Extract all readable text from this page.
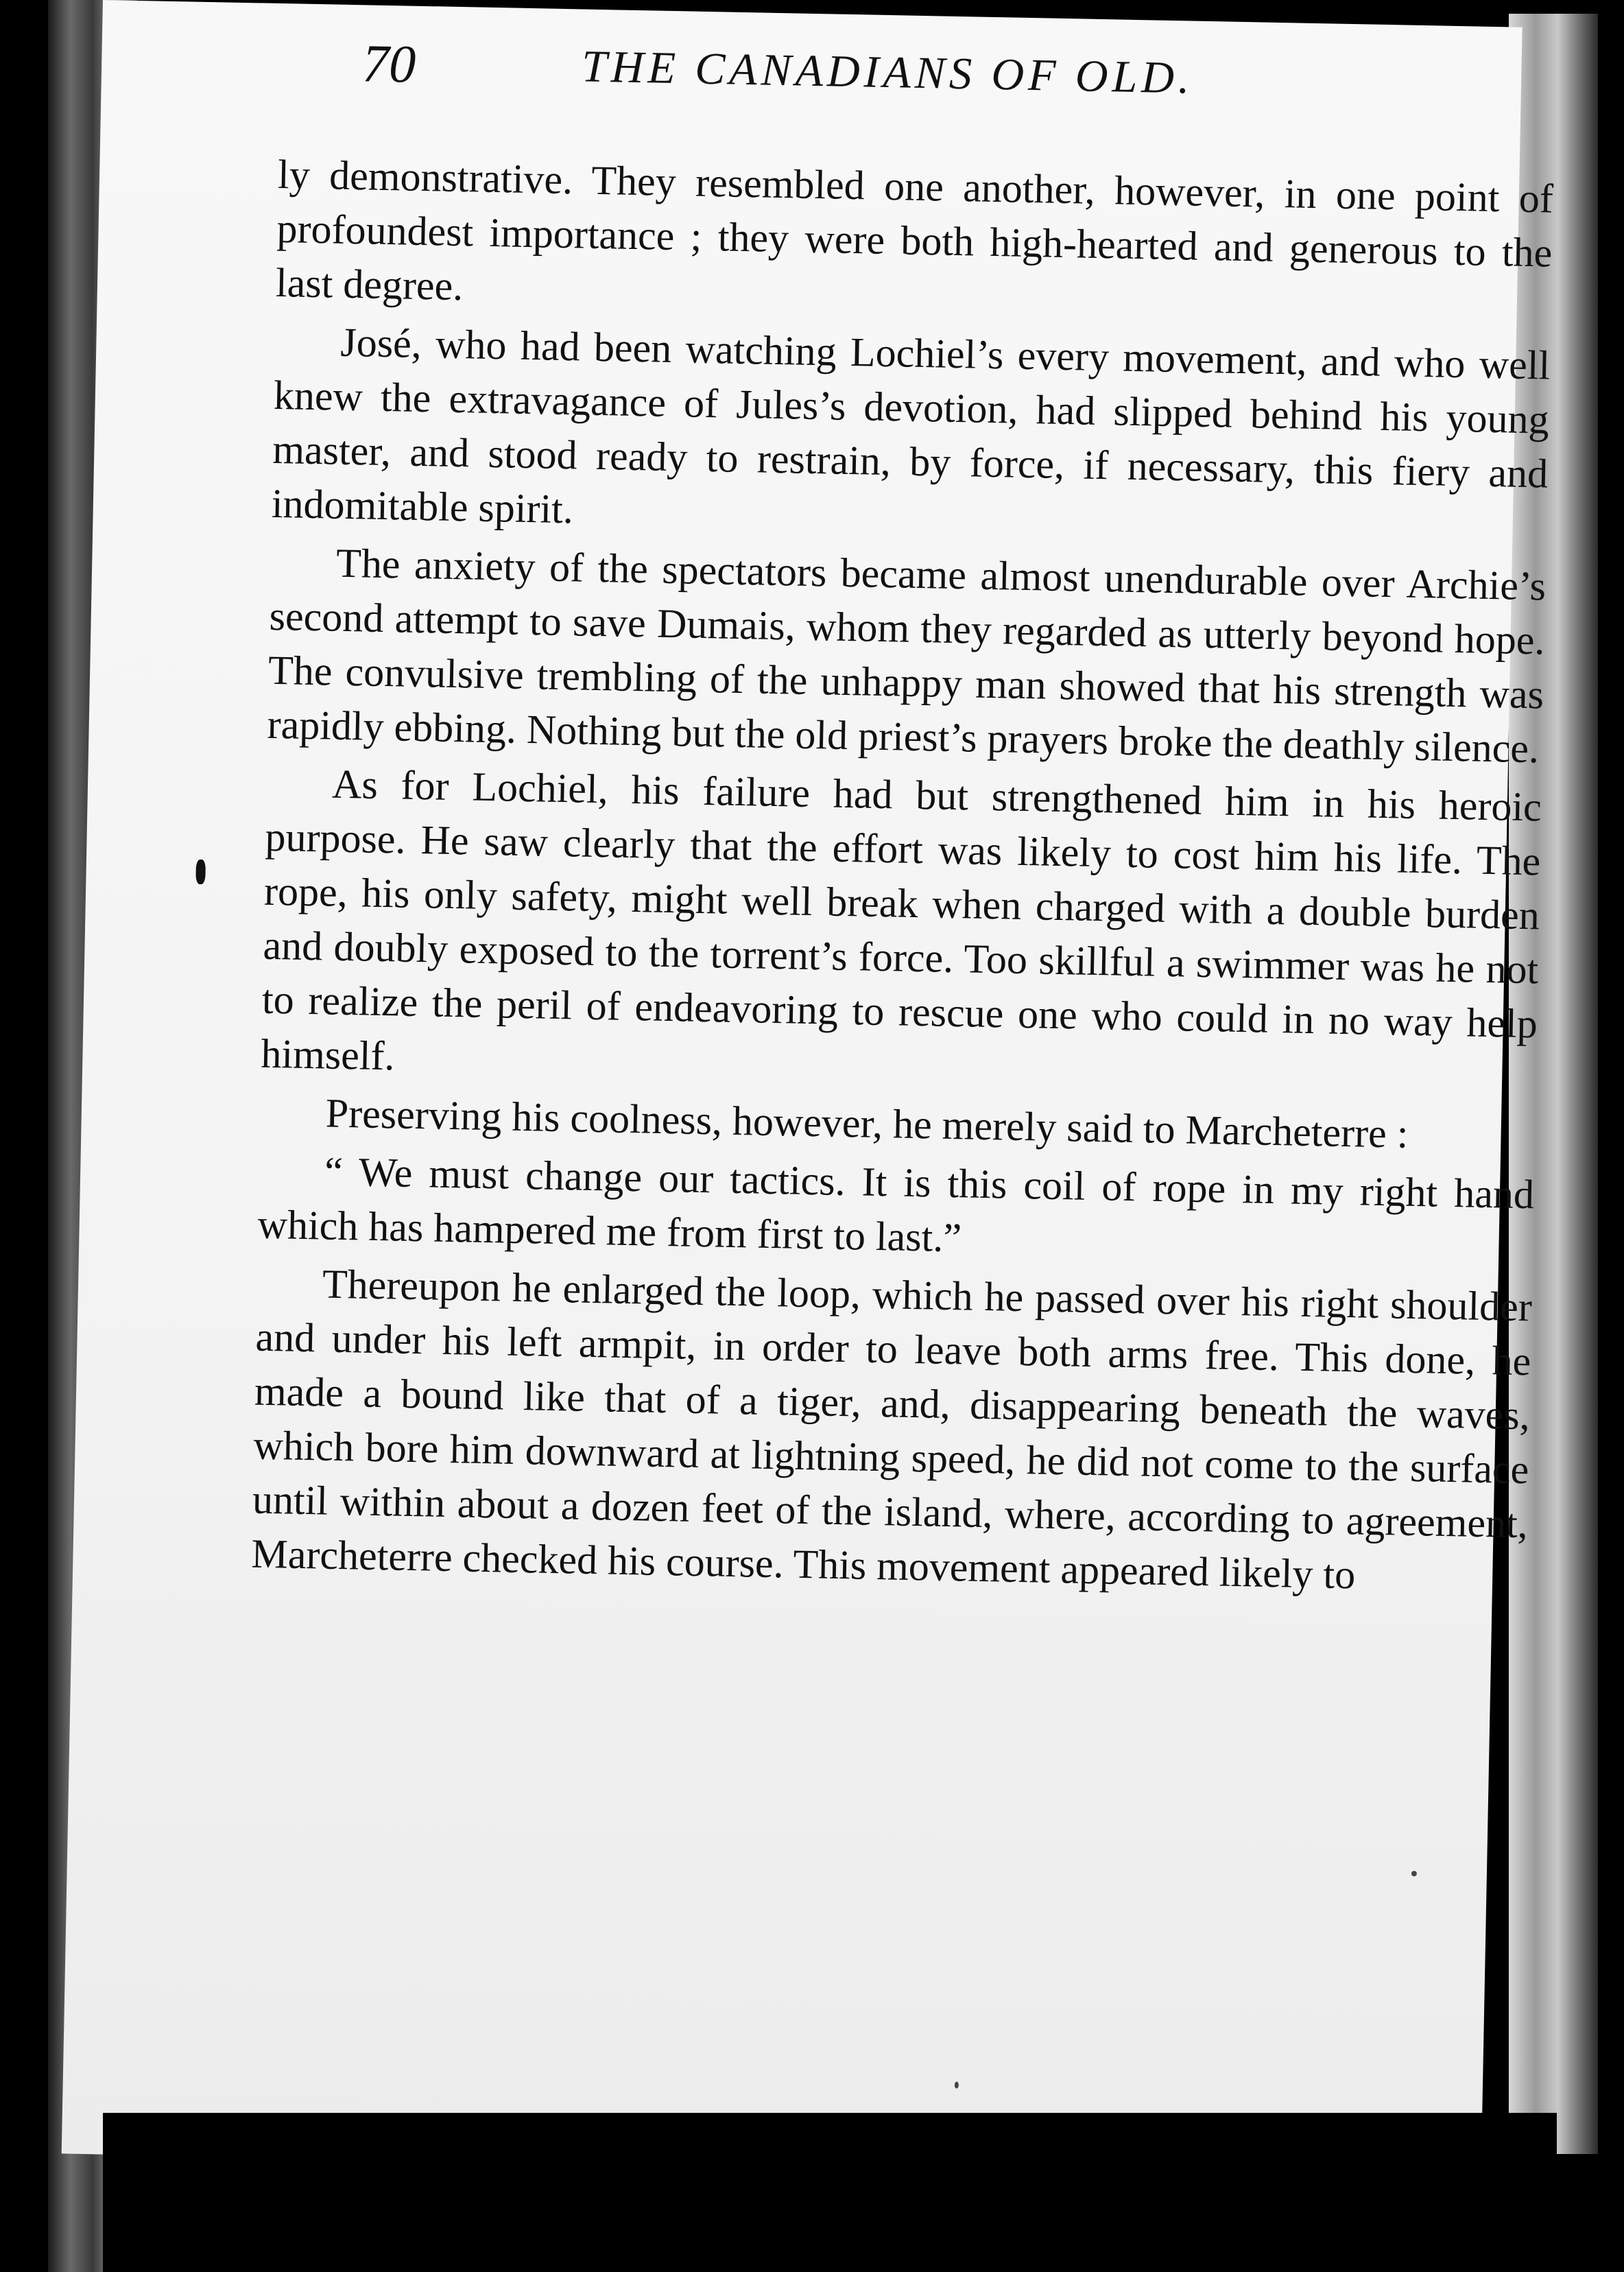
70	THE CANADIANS OF OLD.

ly demonstrative. They resembled one another, however, in one point of profoundest importance ; they were both high-hearted and generous to the last degree.

José, who had been watching Lochiel’s every movement, and who well knew the extravagance of Jules’s devotion, had slipped behind his young master, and stood ready to restrain, by force, if necessary, this fiery and indomitable spirit.

The anxiety of the spectators became almost unendurable over Archie’s second attempt to save Dumais, whom they regarded as utterly beyond hope. The convulsive trembling of the unhappy man showed that his strength was rapidly ebbing. Nothing but the old priest’s prayers broke the deathly silence.

As for Lochiel, his failure had but strengthened him in his heroic purpose. He saw clearly that the effort was likely to cost him his life. The rope, his only safety, might well break when charged with a double burden and doubly exposed to the torrent’s force. Too skillful a swimmer was he not to realize the peril of endeavoring to rescue one who could in no way help himself.

Preserving his coolness, however, he merely said to Marcheterre :

“ We must change our tactics. It is this coil of rope in my right hand which has hampered me from first to last.”

Thereupon he enlarged the loop, which he passed over his right shoulder and under his left armpit, in order to leave both arms free. This done, he made a bound like that of a tiger, and, disappearing beneath the waves, which bore him downward at lightning speed, he did not come to the surface until within about a dozen feet of the island, where, according to agreement, Marcheterre checked his course. This movement appeared likely to
